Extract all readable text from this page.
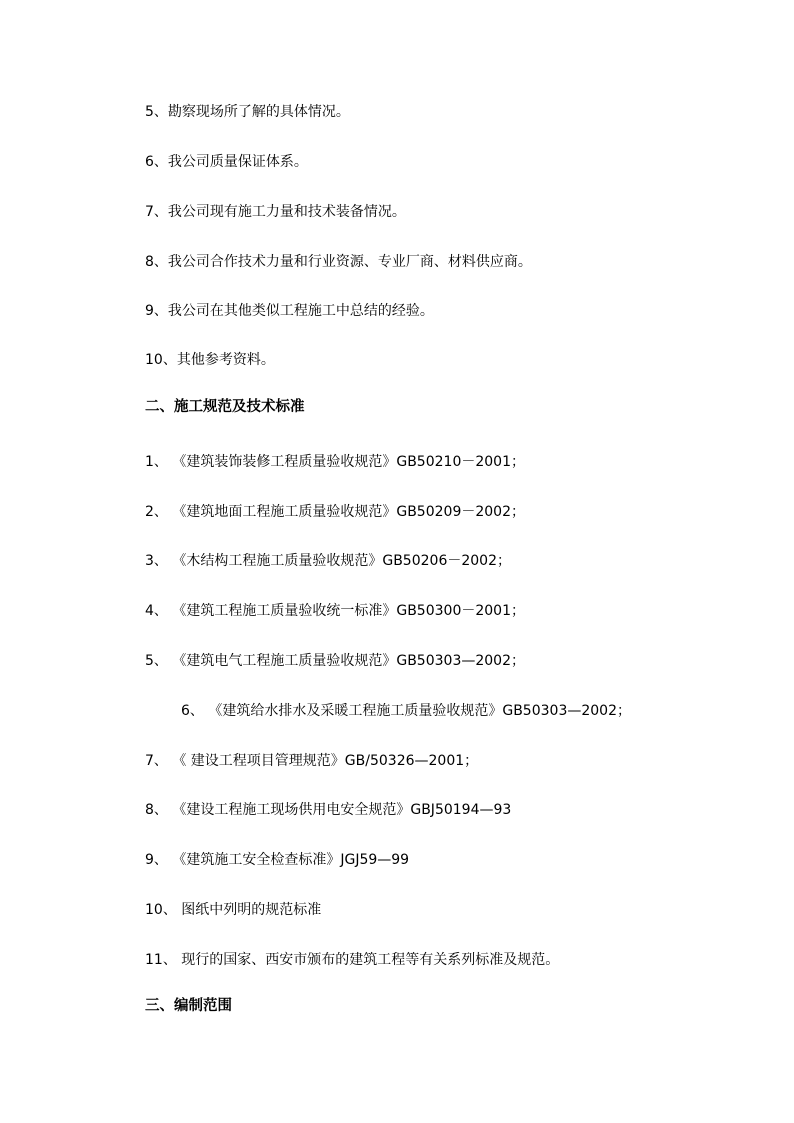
5、勘察现场所了解的具体情况。
6、我公司质量保证体系。
7、我公司现有施工力量和技术装备情况。
8、我公司合作技术力量和行业资源、专业厂商、材料供应商。
9、我公司在其他类似工程施工中总结的经验。
10、其他参考资料。
二、施工规范及技术标准
1、 《建筑装饰装修工程质量验收规范》GB50210－2001；
2、 《建筑地面工程施工质量验收规范》GB50209－2002；
3、 《木结构工程施工质量验收规范》GB50206－2002；
4、 《建筑工程施工质量验收统一标准》GB50300－2001；
5、 《建筑电气工程施工质量验收规范》GB50303—2002；
6、 《建筑给水排水及采暖工程施工质量验收规范》GB50303—2002；
7、 《 建设工程项目管理规范》GB/50326—2001；
8、 《建设工程施工现场供用电安全规范》GBJ50194—93
9、 《建筑施工安全检查标准》JGJ59—99
10、 图纸中列明的规范标准
11、 现行的国家、西安市颁布的建筑工程等有关系列标准及规范。
三、编制范围
